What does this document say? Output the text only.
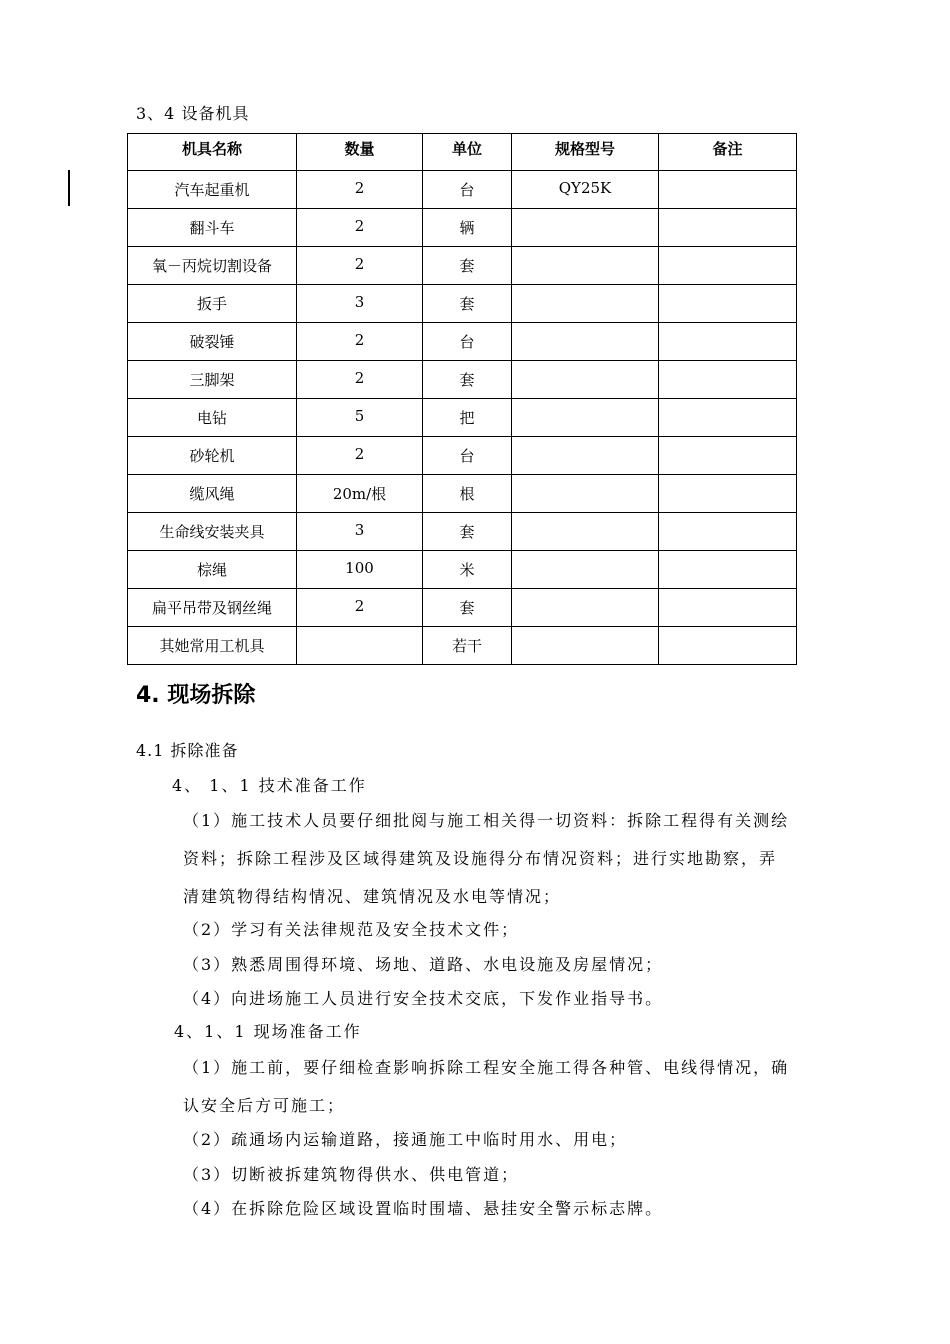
3、4 设备机具
机具名称	数量	单位	规格型号	备注
汽车起重机	2	台	QY25K	
翻斗车	2	辆		
氧－丙烷切割设备	2	套		
扳手	3	套		
破裂锤	2	台		
三脚架	2	套		
电钻	5	把		
砂轮机	2	台		
缆风绳	20m/根	根		
生命线安装夹具	3	套		
棕绳	100	米		
扁平吊带及钢丝绳	2	套		
其她常用工机具		若干		
4. 现场拆除
4.1 拆除准备
4、 1、1 技术准备工作
（1）施工技术人员要仔细批阅与施工相关得一切资料：拆除工程得有关测绘
资料；拆除工程涉及区域得建筑及设施得分布情况资料；进行实地勘察，弄
清建筑物得结构情况、建筑情况及水电等情况；
（2）学习有关法律规范及安全技术文件；
（3）熟悉周围得环境、场地、道路、水电设施及房屋情况；
（4）向进场施工人员进行安全技术交底，下发作业指导书。
4、1、1 现场准备工作
（1）施工前，要仔细检查影响拆除工程安全施工得各种管、电线得情况，确
认安全后方可施工；
（2）疏通场内运输道路，接通施工中临时用水、用电；
（3）切断被拆建筑物得供水、供电管道；
（4）在拆除危险区域设置临时围墙、悬挂安全警示标志牌。
